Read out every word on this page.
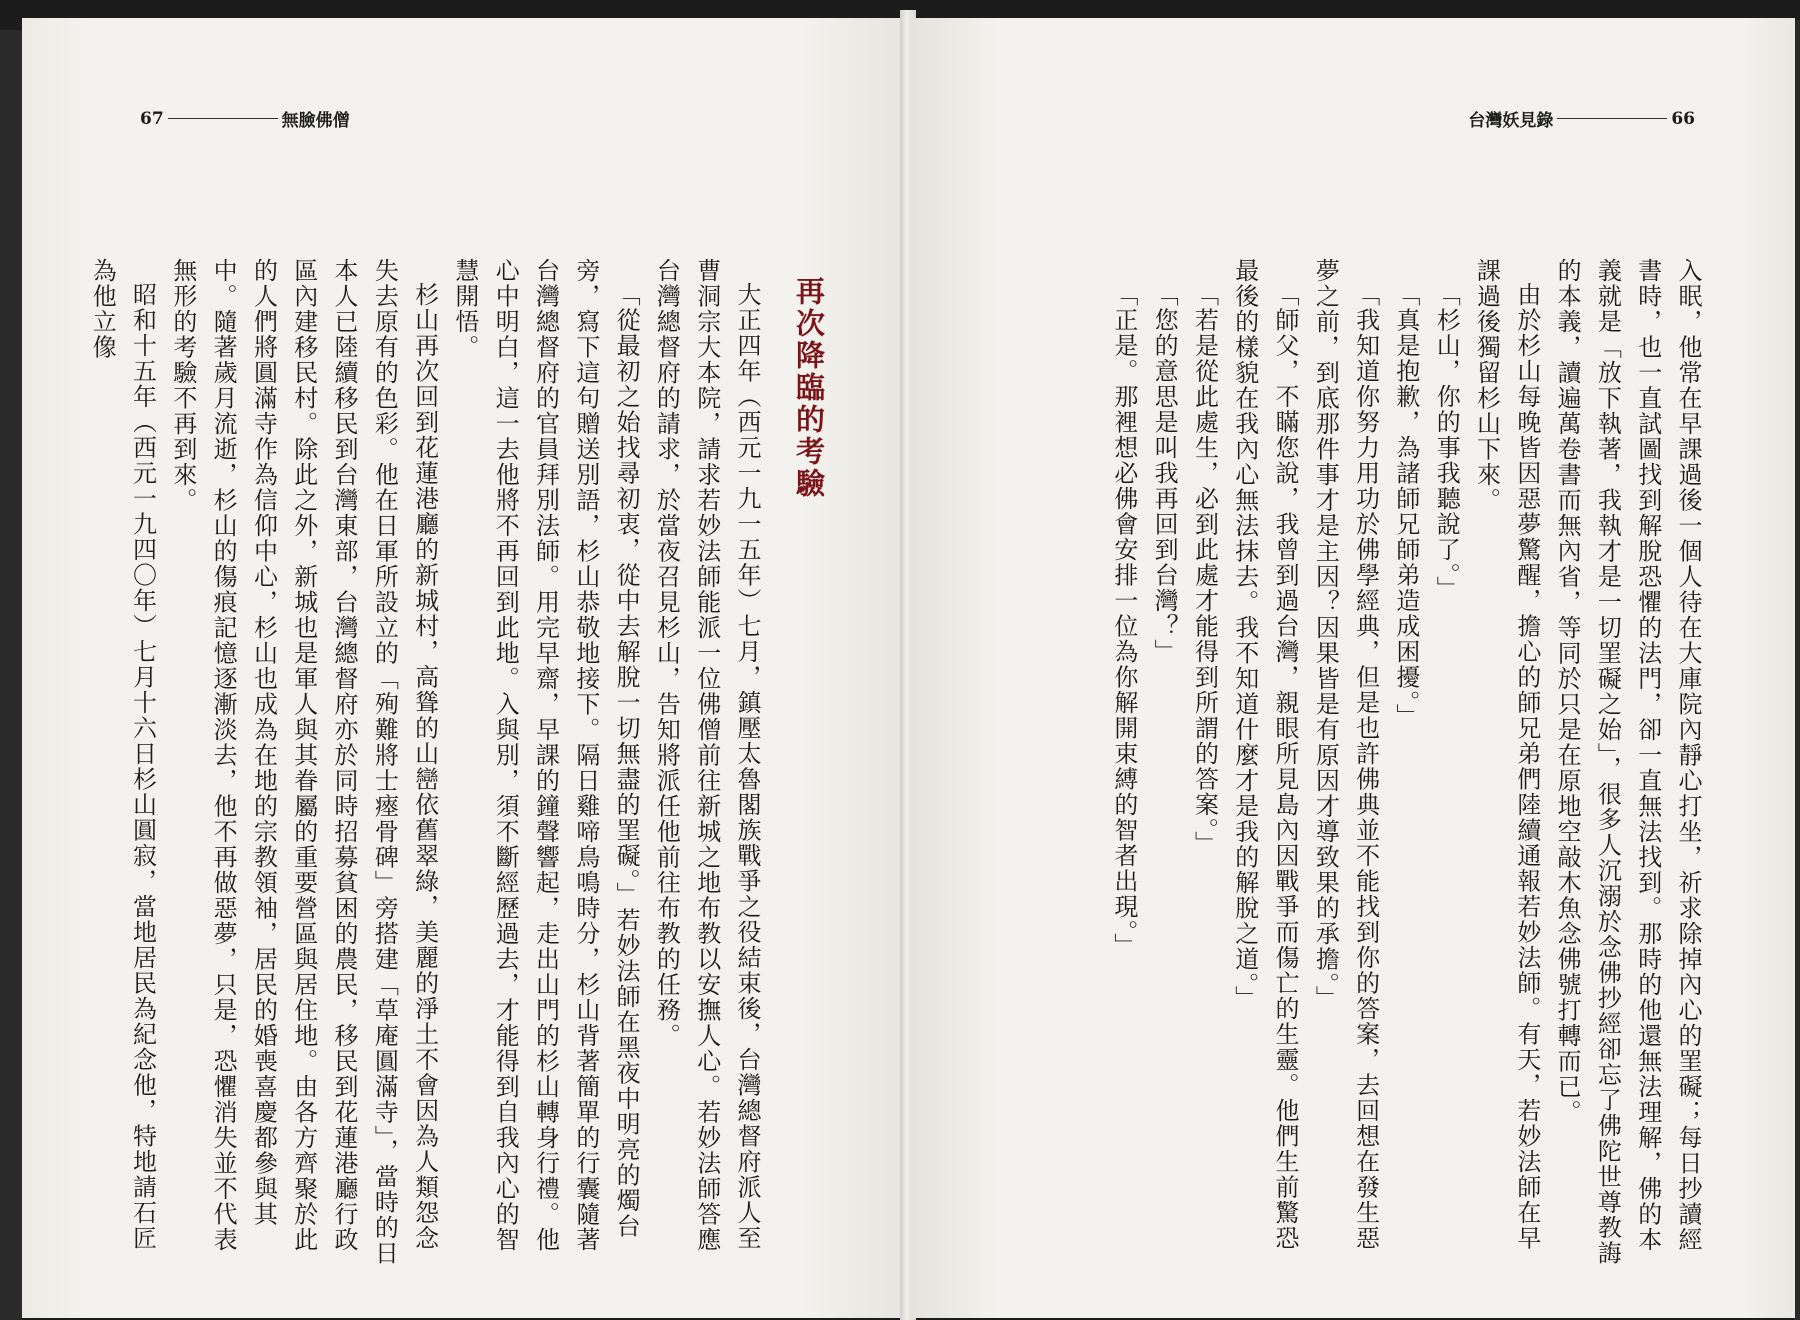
67	無臉佛僧

再次降臨的考驗

大正四年（西元一九一五年）七月，鎮壓太魯閣族戰爭之役結束後，台灣總督府派人至曹洞宗大本院，請求若妙法師能派一位佛僧前往新城之地布教以安撫人心。若妙法師答應台灣總督府的請求，於當夜召見杉山，告知將派任他前往布教的任務。

「從最初之始找尋初衷，從中去解脫一切無盡的罣礙。」若妙法師在黑夜中明亮的燭台旁，寫下這句贈送別語，杉山恭敬地接下。隔日雞啼鳥鳴時分，杉山背著簡單的行囊隨著台灣總督府的官員拜別法師。用完早齋，早課的鐘聲響起，走出山門的杉山轉身行禮。他心中明白，這一去他將不再回到此地。入與別，須不斷經歷過去，才能得到自我內心的智慧開悟。

杉山再次回到花蓮港廳的新城村，高聳的山巒依舊翠綠，美麗的淨土不會因為人類怨念失去原有的色彩。他在日軍所設立的「殉難將士瘞骨碑」旁搭建「草庵圓滿寺」，當時的日本人已陸續移民到台灣東部，台灣總督府亦於同時招募貧困的農民，移民到花蓮港廳行政區內建移民村。除此之外，新城也是軍人與其眷屬的重要營區與居住地。由各方齊聚於此的人們將圓滿寺作為信仰中心，杉山也成為在地的宗教領袖，居民的婚喪喜慶都參與其中。隨著歲月流逝，杉山的傷痕記憶逐漸淡去，他不再做惡夢，只是，恐懼消失並不代表無形的考驗不再到來。

昭和十五年（西元一九四〇年）七月十六日杉山圓寂，當地居民為紀念他，特地請石匠為他立像

台灣妖見錄	66

入眠，他常在早課過後一個人待在大庫院內靜心打坐，祈求除掉內心的罣礙；每日抄讀經書時，也一直試圖找到解脫恐懼的法門，卻一直無法找到。那時的他還無法理解，佛的本義就是「放下執著，我執才是一切罣礙之始」，很多人沉溺於念佛抄經卻忘了佛陀世尊教誨的本義，讀遍萬卷書而無內省，等同於只是在原地空敲木魚念佛號打轉而已。

由於杉山每晚皆因惡夢驚醒，擔心的師兄弟們陸續通報若妙法師。有天，若妙法師在早課過後獨留杉山下來。

「杉山，你的事我聽說了。」

「真是抱歉，為諸師兄師弟造成困擾。」

「我知道你努力用功於佛學經典，但是也許佛典並不能找到你的答案，去回想在發生惡夢之前，到底那件事才是主因？因果皆是有原因才導致果的承擔。」

「師父，不瞞您說，我曾到過台灣，親眼所見島內因戰爭而傷亡的生靈。他們生前驚恐最後的樣貌在我內心無法抹去。我不知道什麼才是我的解脫之道。」

「若是從此處生，必到此處才能得到所謂的答案。」

「您的意思是叫我再回到台灣？」

「正是。那裡想必佛會安排一位為你解開束縛的智者出現。」
